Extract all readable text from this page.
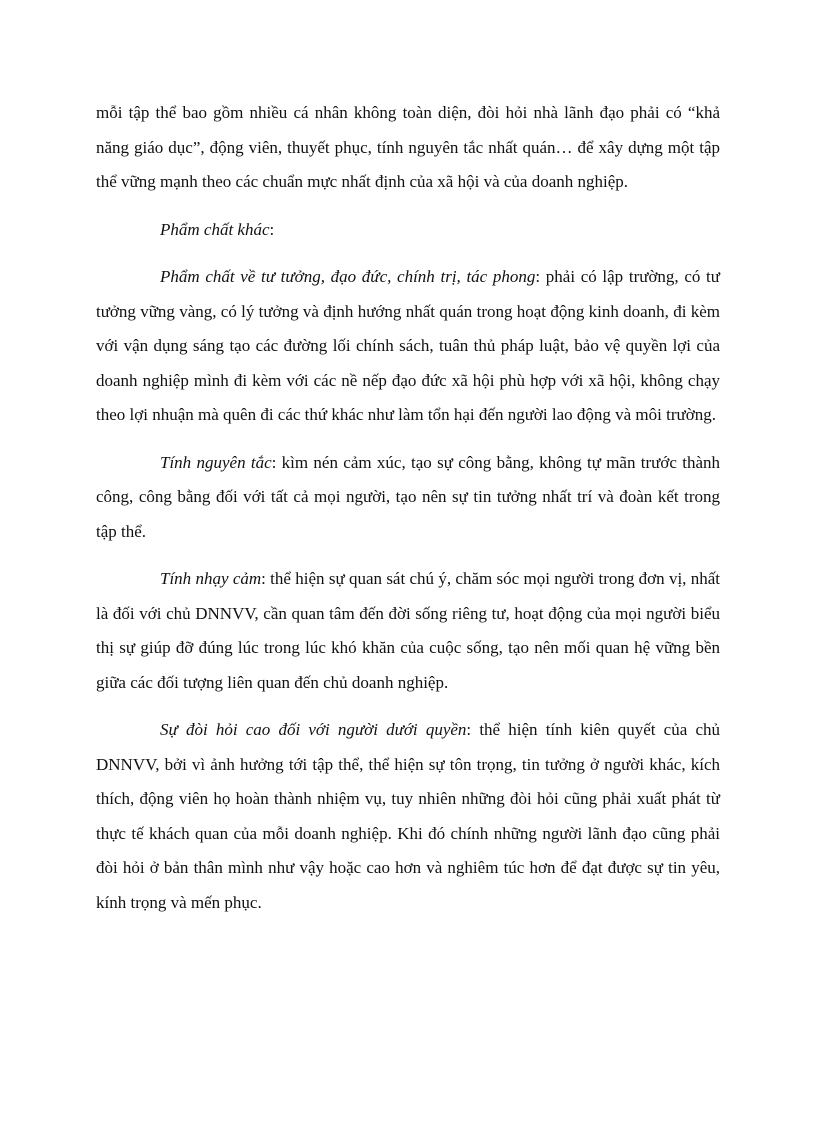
mỗi tập thể bao gồm nhiều cá nhân không toàn diện, đòi hỏi nhà lãnh đạo phải có “khả năng giáo dục”, động viên, thuyết phục, tính nguyên tắc nhất quán… để xây dựng một tập thể vững mạnh theo các chuẩn mực nhất định của xã hội và của doanh nghiệp.

Phẩm chất khác:

Phẩm chất về tư tưởng, đạo đức, chính trị, tác phong: phải có lập trường, có tư tưởng vững vàng, có lý tưởng và định hướng nhất quán trong hoạt động kinh doanh, đi kèm với vận dụng sáng tạo các đường lối chính sách, tuân thủ pháp luật, bảo vệ quyền lợi của doanh nghiệp mình đi kèm với các nề nếp đạo đức xã hội phù hợp với xã hội, không chạy theo lợi nhuận mà quên đi các thứ khác như làm tổn hại đến người lao động và môi trường.

Tính nguyên tắc: kìm nén cảm xúc, tạo sự công bằng, không tự mãn trước thành công, công bằng đối với tất cả mọi người, tạo nên sự tin tưởng nhất trí và đoàn kết trong tập thể.

Tính nhạy cảm: thể hiện sự quan sát chú ý, chăm sóc mọi người trong đơn vị, nhất là đối với chủ DNNVV, cần quan tâm đến đời sống riêng tư, hoạt động của mọi người biểu thị sự giúp đỡ đúng lúc trong lúc khó khăn của cuộc sống, tạo nên mối quan hệ vững bền giữa các đối tượng liên quan đến chủ doanh nghiệp.

Sự đòi hỏi cao đối với người dưới quyền: thể hiện tính kiên quyết của chủ DNNVV, bởi vì ảnh hưởng tới tập thể, thể hiện sự tôn trọng, tin tưởng ở người khác, kích thích, động viên họ hoàn thành nhiệm vụ, tuy nhiên những đòi hỏi cũng phải xuất phát từ thực tế khách quan của mỗi doanh nghiệp. Khi đó chính những người lãnh đạo cũng phải đòi hỏi ở bản thân mình như vậy hoặc cao hơn và nghiêm túc hơn để đạt được sự tin yêu, kính trọng và mến phục.
